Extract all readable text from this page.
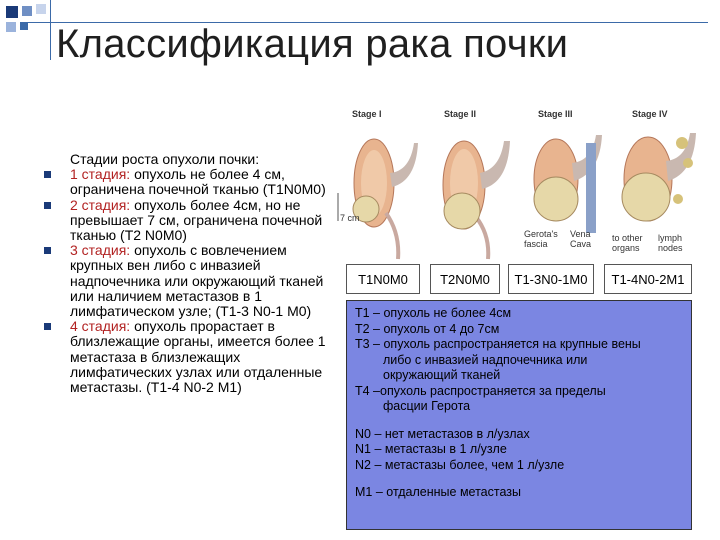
Классификация рака почки
Стадии роста опухоли почки:
1 стадия: опухоль не более 4 см, ограничена почечной тканью (T1N0M0)
2 стадия: опухоль более 4см, но не превышает 7 см, ограничена почечной тканью (T2 N0M0)
3 стадия: опухоль с вовлечением крупных вен либо с инвазией надпочечника или окружающий тканей или наличием метастазов в 1 лимфатическом узле; (T1-3 N0-1 M0)
4 стадия: опухоль прорастает в близлежащие органы, имеется более 1 метастаза в близлежащих лимфатических узлах или отдаленные метастазы. (T1-4 N0-2 M1)
Stage I
7 cm
Stage II	Stage III
Gerota's fascia
Vena Cava
Stage IV
to other organs
lymph nodes
T1N0M0	T2N0M0	T1-3N0-1M0	T1-4N0-2M1
T1 – опухоль не более 4см
T2 – опухоль от 4 до 7см
T3 – опухоль распространяется на крупные вены
либо с инвазией надпочечника или
окружающий тканей
T4 –опухоль распространяется за пределы
фасции Герота
N0 – нет метастазов в л/узлах
N1 – метастазы в 1 л/узле
N2 – метастазы более, чем 1 л/узле
M1 – отдаленные метастазы
